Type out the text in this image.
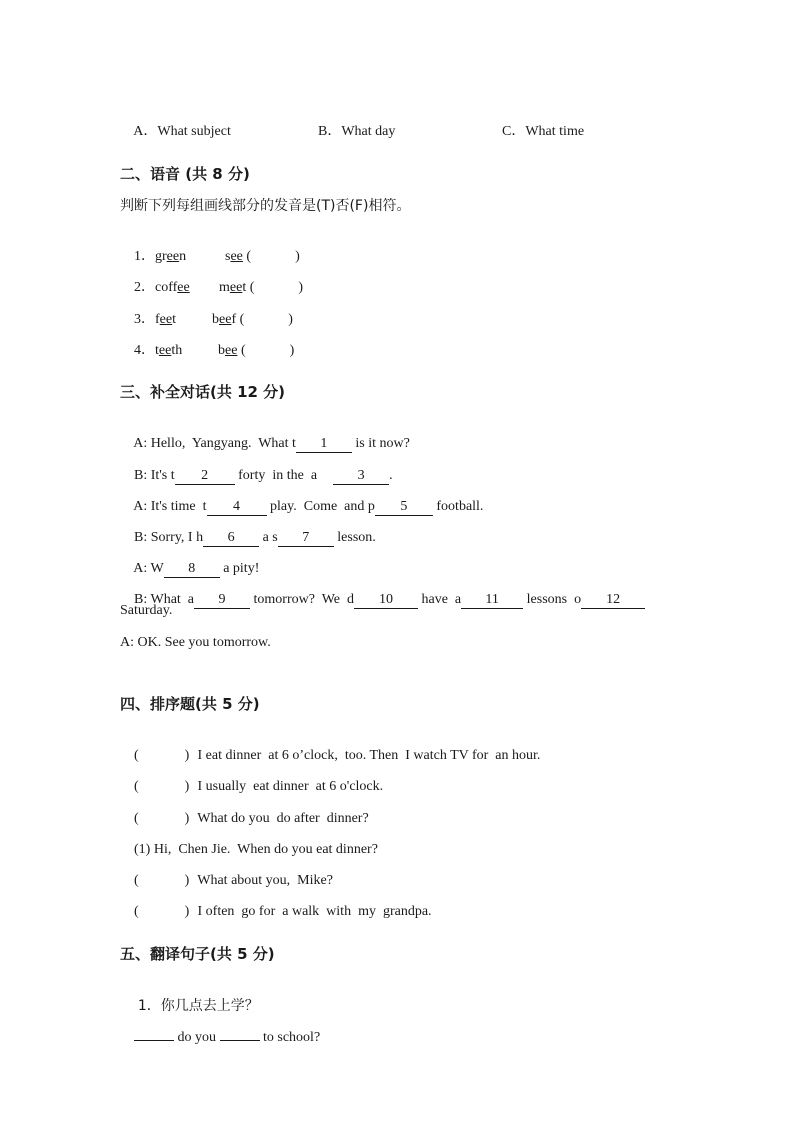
A．What subject
	B．What day
	C．What time

二、语音 (共 8 分)
判断下列每组画线部分的发音是(T)否(F)相符。

1．green	see (	)

2．coffee meet (	)

3．feet	beef (	)

4．teeth	bee (	)

三、补全对话(共 12 分)

A: Hello,  Yangyang.  What t 1 is it now?

B: It's t 2 forty  in the  a	3 .

A: It's time  t 4 play.  Come  and p 5 football.

B: Sorry, I h 6 a s 7 lesson.

A: W 8 a pity!

B: What  a 9 tomorrow?  We  d 10 have  a 11 lessons  o 12

Saturday.
A: OK. See you tomorrow.
四、排序题(共 5 分)

(	) I eat dinner  at 6 o’clock,  too. Then  I watch TV for  an hour.

(	) I usually  eat dinner  at 6 o'clock.

(	) What do you  do after  dinner?

(1) Hi,  Chen Jie.  When do you eat dinner?

(	) What about you,  Mike?

(	) I often  go for  a walk  with  my  grandpa.

五、翻译句子(共 5 分)

1．你几点去上学？

do you	to school?
